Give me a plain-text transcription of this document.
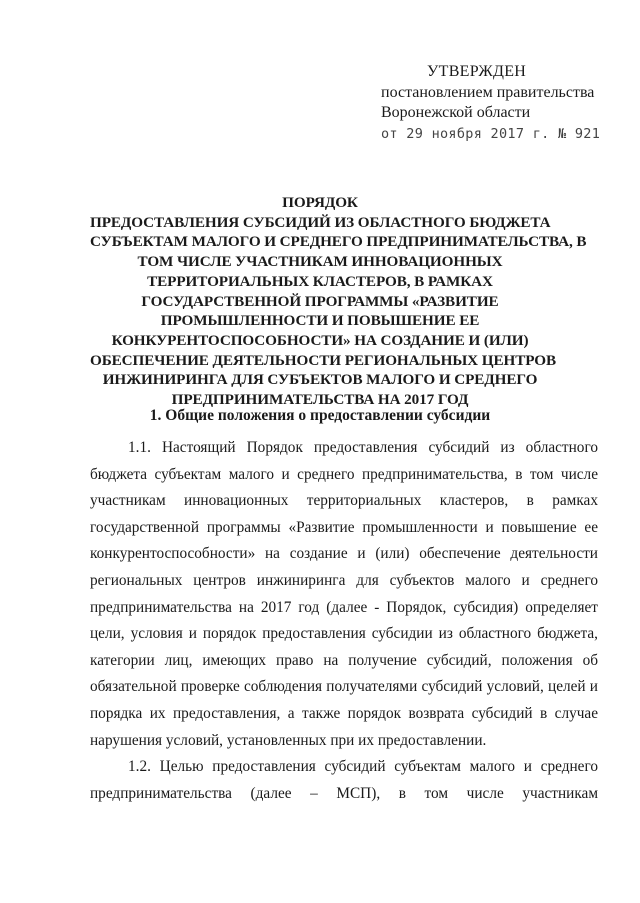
УТВЕРЖДЕН
постановлением правительства
Воронежской области
от 29 ноября 2017 г. № 921
ПОРЯДОК
ПРЕДОСТАВЛЕНИЯ СУБСИДИЙ ИЗ ОБЛАСТНОГО БЮДЖЕТА
СУБЪЕКТАМ МАЛОГО И СРЕДНЕГО ПРЕДПРИНИМАТЕЛЬСТВА, В
ТОМ ЧИСЛЕ УЧАСТНИКАМ ИННОВАЦИОННЫХ
ТЕРРИТОРИАЛЬНЫХ КЛАСТЕРОВ, В РАМКАХ
ГОСУДАРСТВЕННОЙ ПРОГРАММЫ «РАЗВИТИЕ
ПРОМЫШЛЕННОСТИ И ПОВЫШЕНИЕ ЕЕ
КОНКУРЕНТОСПОСОБНОСТИ» НА СОЗДАНИЕ И (ИЛИ)
ОБЕСПЕЧЕНИЕ ДЕЯТЕЛЬНОСТИ РЕГИОНАЛЬНЫХ ЦЕНТРОВ
ИНЖИНИРИНГА ДЛЯ СУБЪЕКТОВ МАЛОГО И СРЕДНЕГО
ПРЕДПРИНИМАТЕЛЬСТВА НА 2017 ГОД
1. Общие положения о предоставлении субсидии
1.1. Настоящий Порядок предоставления субсидий из областного
бюджета субъектам малого и среднего предпринимательства, в том числе
участникам инновационных территориальных кластеров, в рамках
государственной программы «Развитие промышленности и повышение ее
конкурентоспособности» на создание и (или) обеспечение деятельности
региональных центров инжиниринга для субъектов малого и среднего
предпринимательства на 2017 год (далее - Порядок, субсидия) определяет
цели, условия и порядок предоставления субсидии из областного бюджета,
категории лиц, имеющих право на получение субсидий, положения об
обязательной проверке соблюдения получателями субсидий условий, целей и
порядка их предоставления, а также порядок возврата субсидий в случае
нарушения условий, установленных при их предоставлении.
1.2. Целью предоставления субсидий субъектам малого и среднего
предпринимательства (далее – МСП), в том числе участникам
